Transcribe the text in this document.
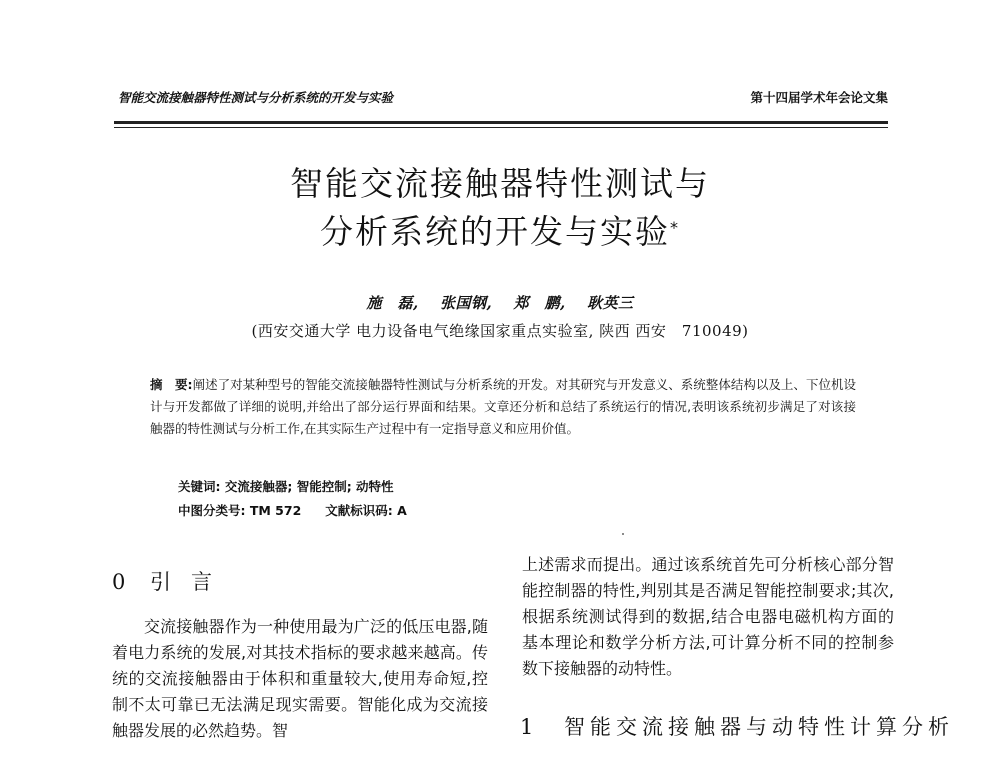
智能交流接触器特性测试与分析系统的开发与实验	第十四届学术年会论文集
智能交流接触器特性测试与
分析系统的开发与实验*
施　磊,　 张国钢,　 郑　鹏,　 耿英三
(西安交通大学 电力设备电气绝缘国家重点实验室, 陕西 西安　710049)
摘　要:阐述了对某种型号的智能交流接触器特性测试与分析系统的开发。对其研究与开发意义、系统整体结构以及上、下位机设计与开发都做了详细的说明,并给出了部分运行界面和结果。文章还分析和总结了系统运行的情况,表明该系统初步满足了对该接触器的特性测试与分析工作,在其实际生产过程中有一定指导意义和应用价值。
关键词: 交流接触器; 智能控制; 动特性
中图分类号: TM 572 文献标识码: A
0 引言
交流接触器作为一种使用最为广泛的低压电器,随着电力系统的发展,对其技术指标的要求越来越高。传统的交流接触器由于体积和重量较大,使用寿命短,控制不太可靠已无法满足现实需要。智能化成为交流接触器发展的必然趋势。智
上述需求而提出。通过该系统首先可分析核心部分智能控制器的特性,判别其是否满足智能控制要求;其次,根据系统测试得到的数据,结合电器电磁机构方面的基本理论和数学分析方法,可计算分析不同的控制参数下接触器的动特性。
1 智能交流接触器与动特性计算分析
